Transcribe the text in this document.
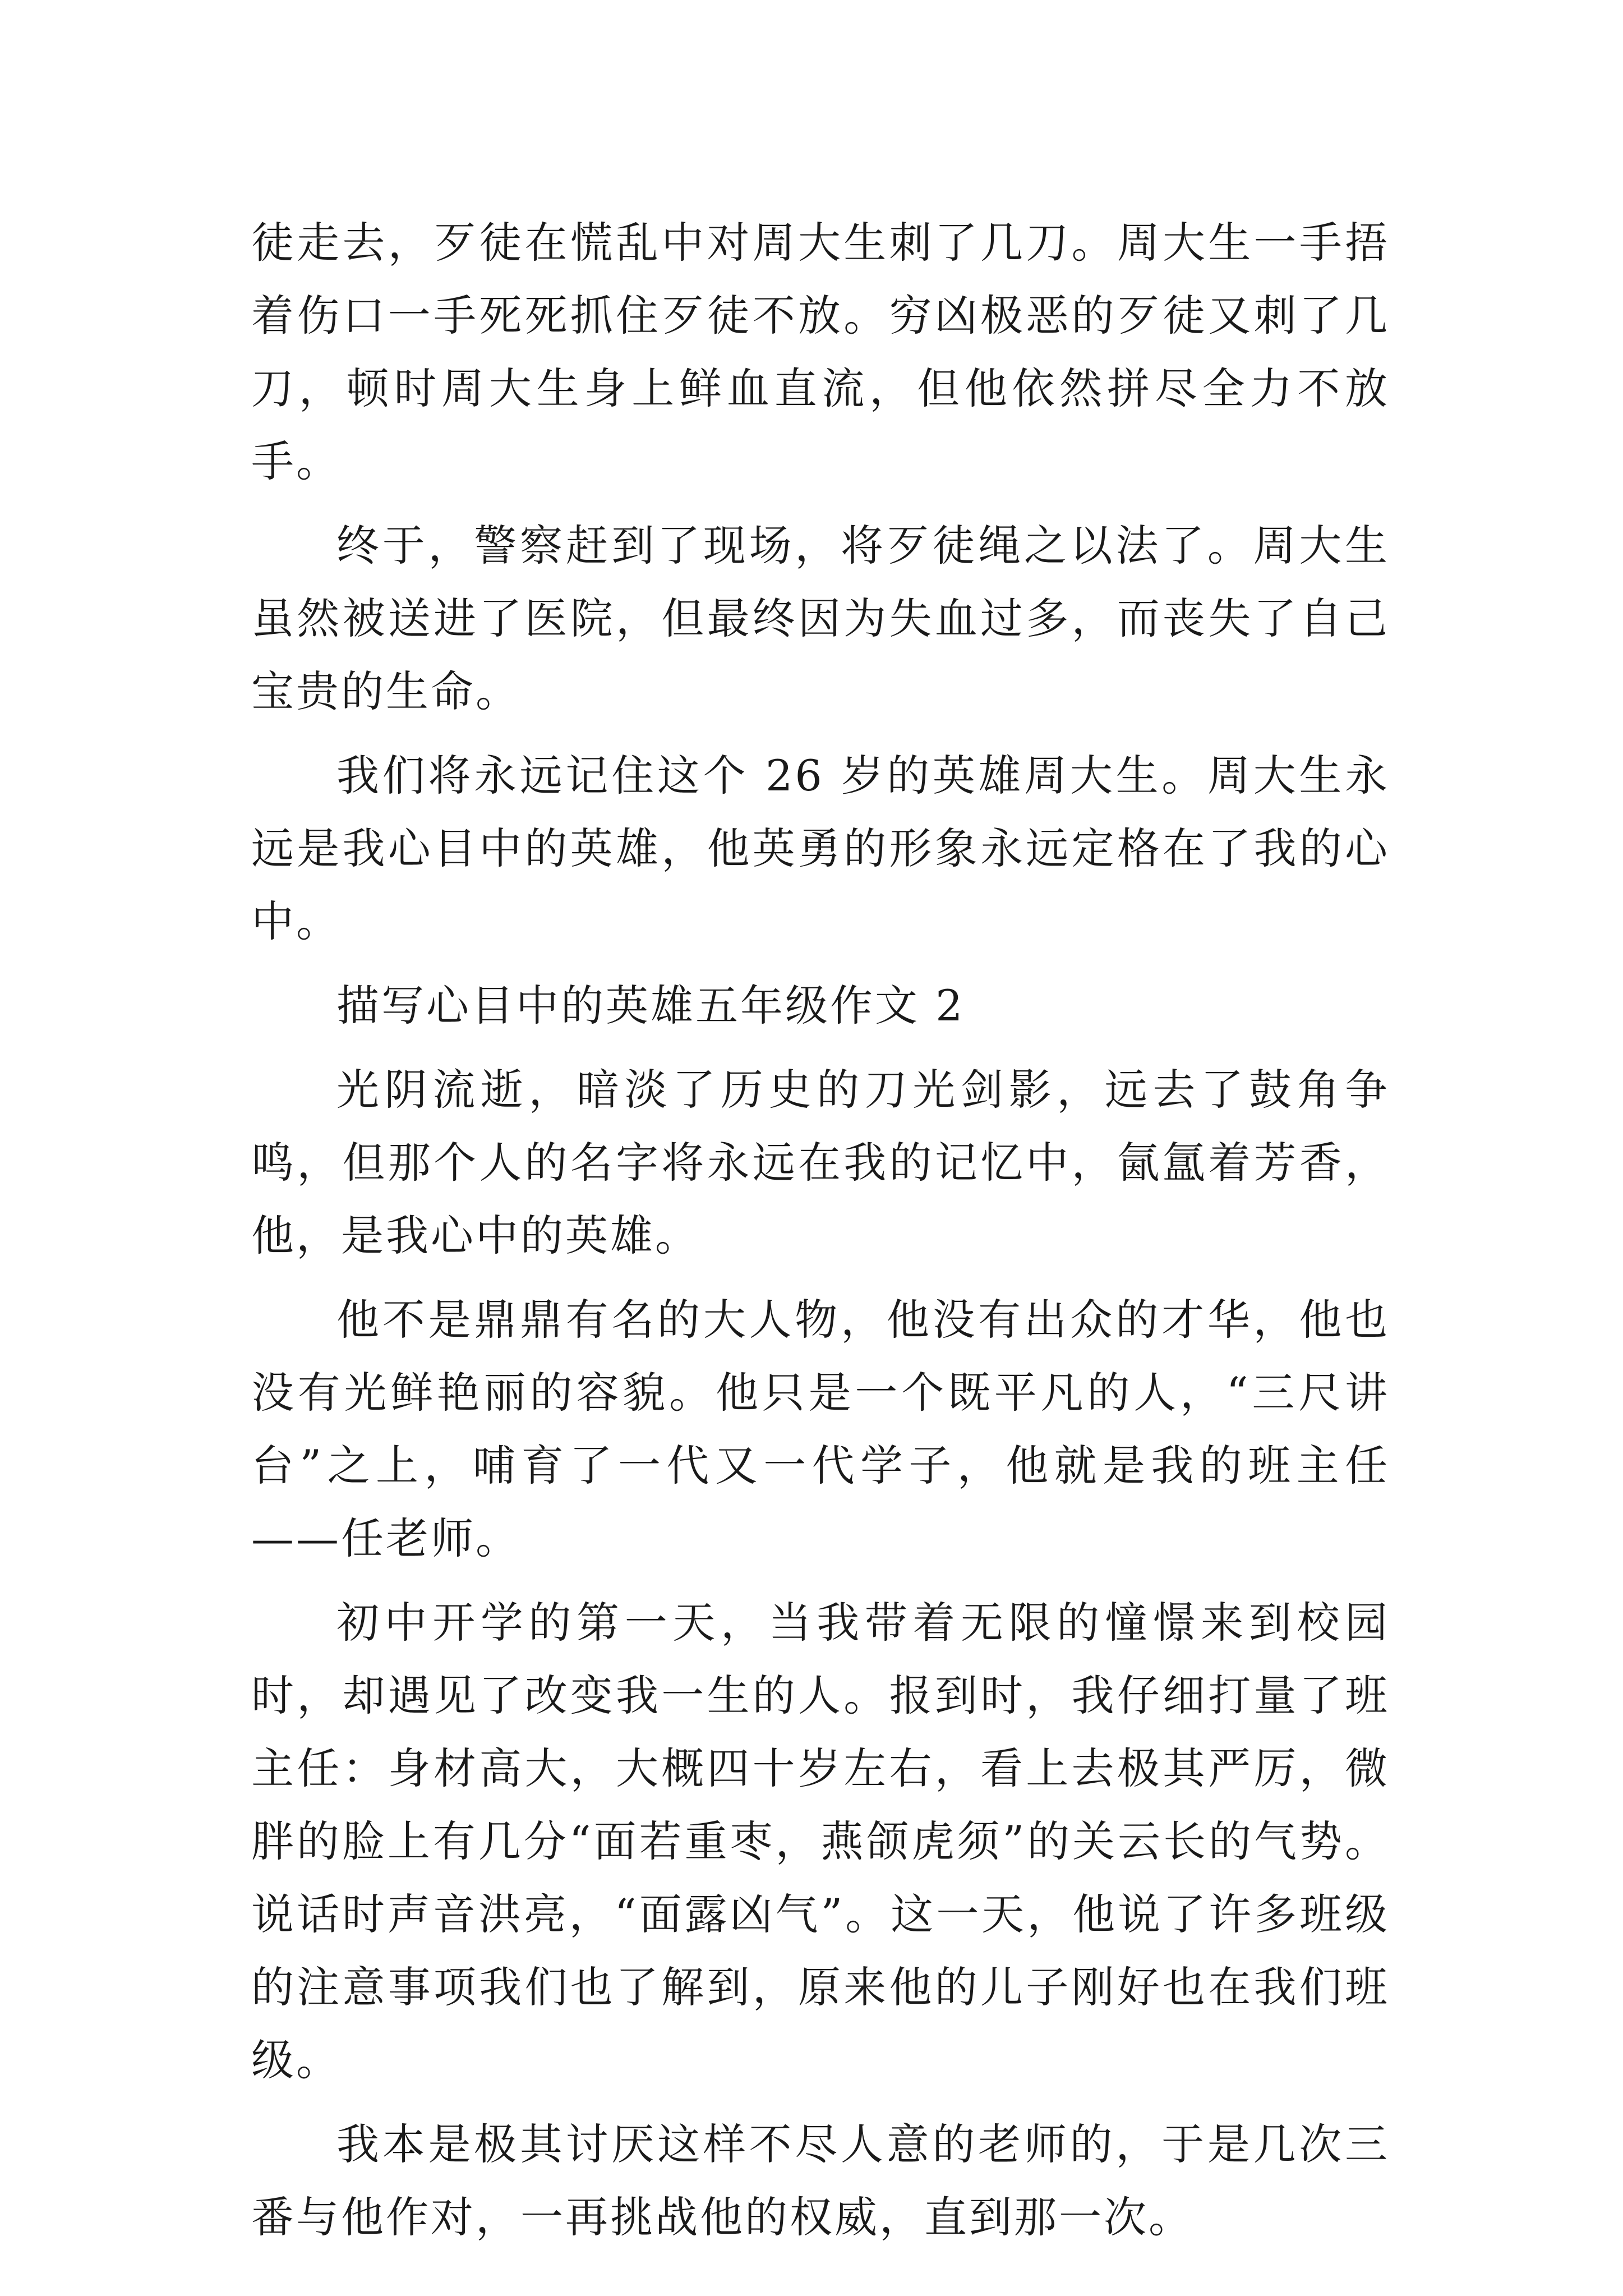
徒走去，歹徒在慌乱中对周大生刺了几刀。周大生一手捂着伤口一手死死抓住歹徒不放。穷凶极恶的歹徒又刺了几刀，顿时周大生身上鲜血直流，但他依然拼尽全力不放手。

终于，警察赶到了现场，将歹徒绳之以法了。周大生虽然被送进了医院，但最终因为失血过多，而丧失了自己宝贵的生命。

我们将永远记住这个 26 岁的英雄周大生。周大生永远是我心目中的英雄，他英勇的形象永远定格在了我的心中。

描写心目中的英雄五年级作文 2

光阴流逝，暗淡了历史的刀光剑影，远去了鼓角争鸣，但那个人的名字将永远在我的记忆中，氤氲着芳香，他，是我心中的英雄。

他不是鼎鼎有名的大人物，他没有出众的才华，他也没有光鲜艳丽的容貌。他只是一个既平凡的人，“三尺讲台”之上，哺育了一代又一代学子，他就是我的班主任——任老师。

初中开学的第一天，当我带着无限的憧憬来到校园时，却遇见了改变我一生的人。报到时，我仔细打量了班主任：身材高大，大概四十岁左右，看上去极其严厉，微胖的脸上有几分“面若重枣，燕颌虎须”的关云长的气势。说话时声音洪亮，“面露凶气”。这一天，他说了许多班级的注意事项我们也了解到，原来他的儿子刚好也在我们班级。

我本是极其讨厌这样不尽人意的老师的，于是几次三番与他作对，一再挑战他的权威，直到那一次。
